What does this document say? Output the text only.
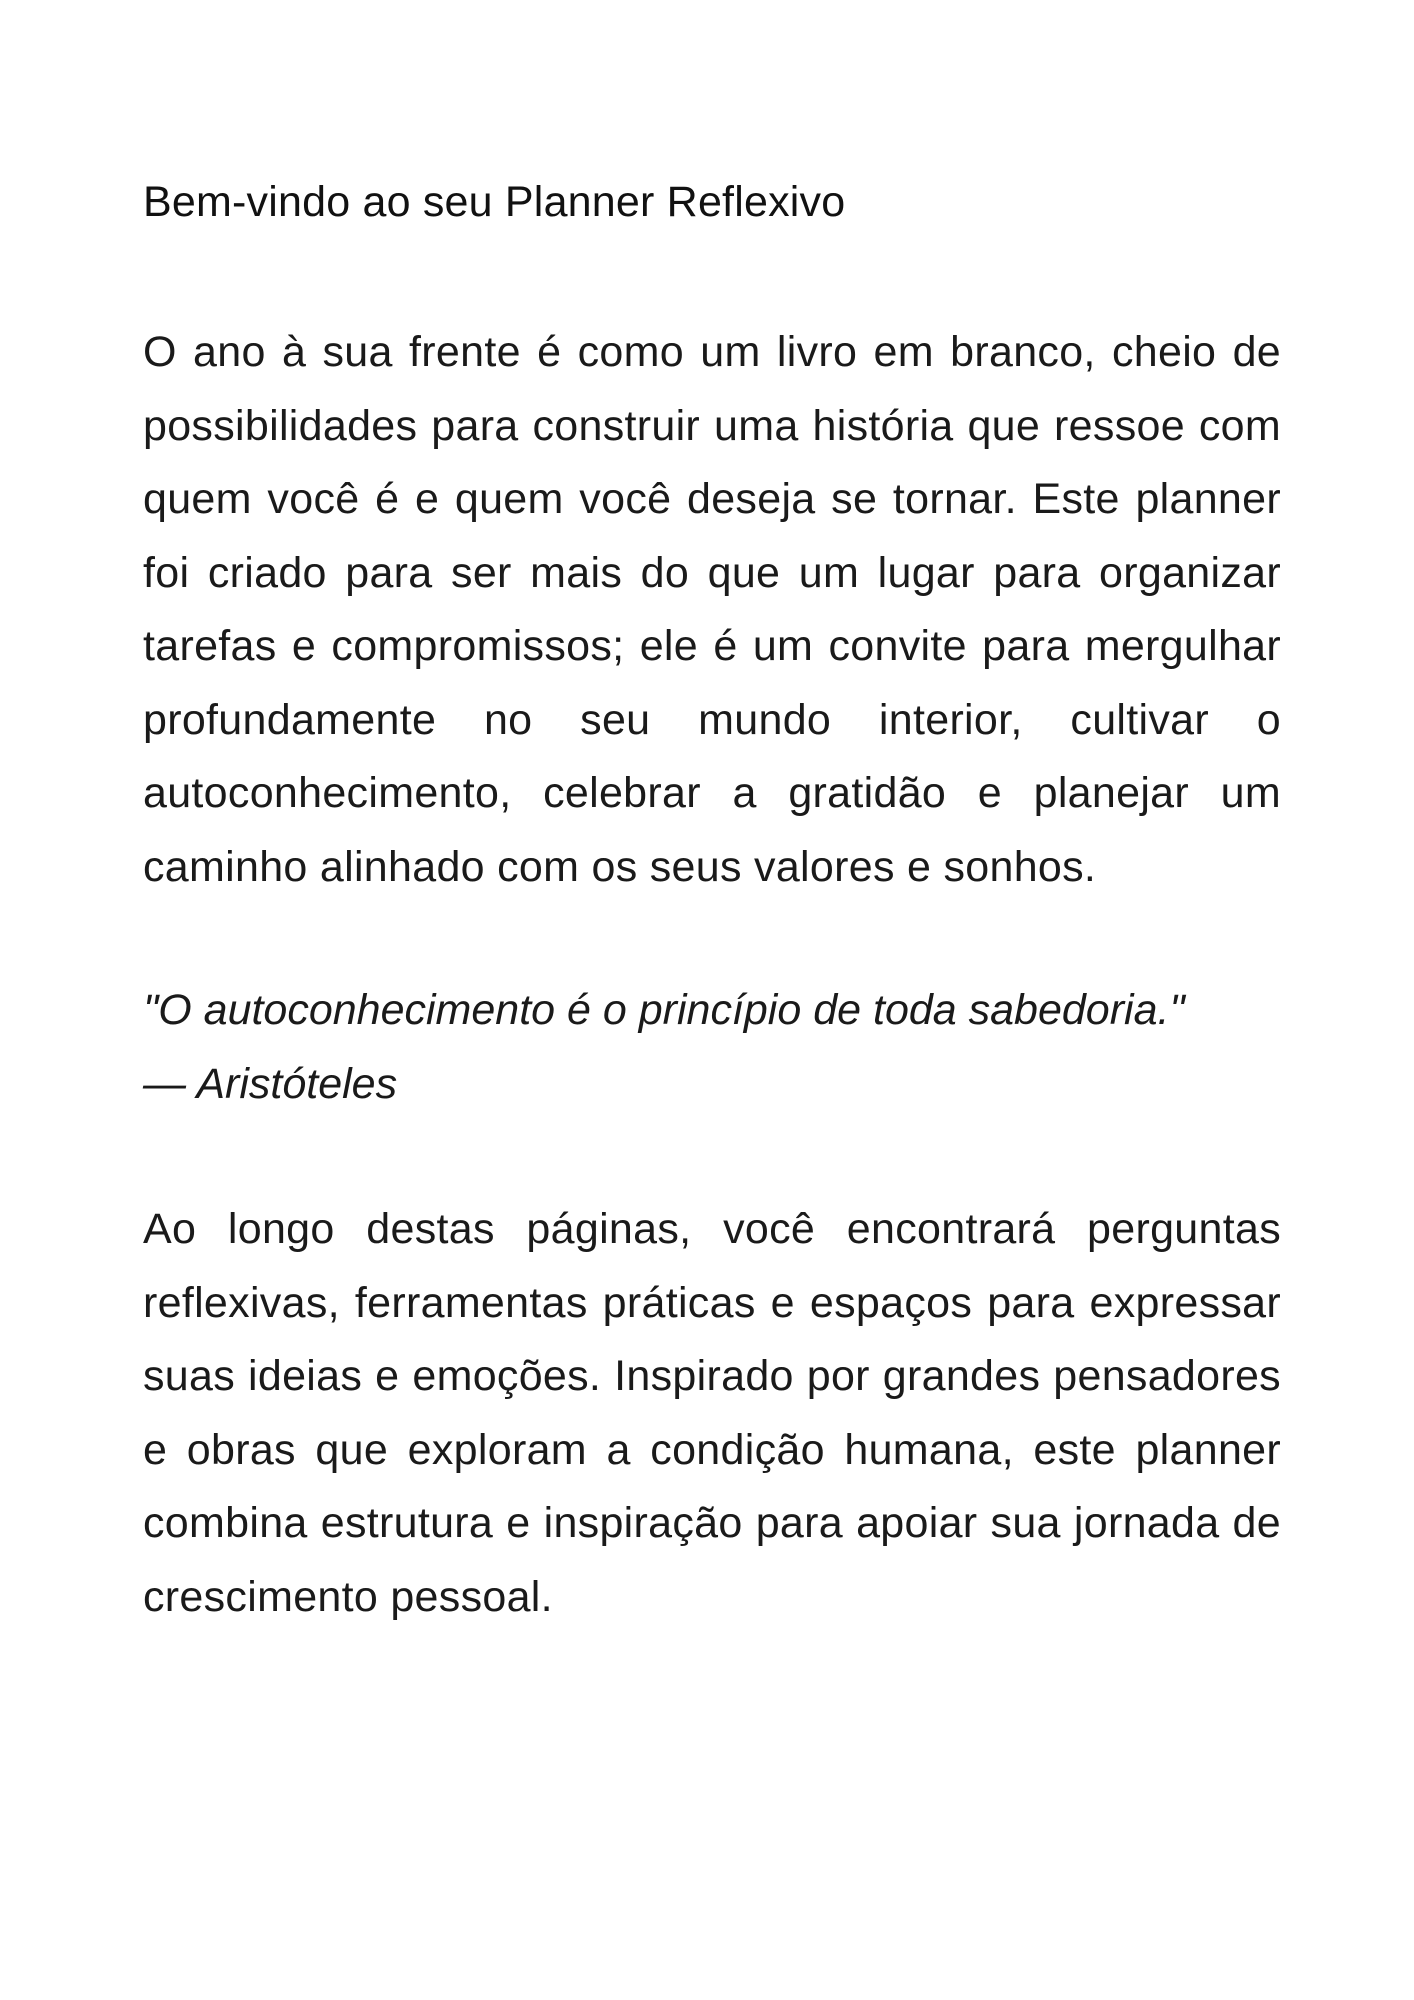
Bem-vindo ao seu Planner Reflexivo

O ano à sua frente é como um livro em branco, cheio de possibilidades para construir uma história que ressoe com quem você é e quem você deseja se tornar. Este planner foi criado para ser mais do que um lugar para organizar tarefas e compromissos; ele é um convite para mergulhar profundamente no seu mundo interior, cultivar o autoconhecimento, celebrar a gratidão e planejar um caminho alinhado com os seus valores e sonhos.

"O autoconhecimento é o princípio de toda sabedoria."
— Aristóteles

Ao longo destas páginas, você encontrará perguntas reflexivas, ferramentas práticas e espaços para expressar suas ideias e emoções. Inspirado por grandes pensadores e obras que exploram a condição humana, este planner combina estrutura e inspiração para apoiar sua jornada de crescimento pessoal.
